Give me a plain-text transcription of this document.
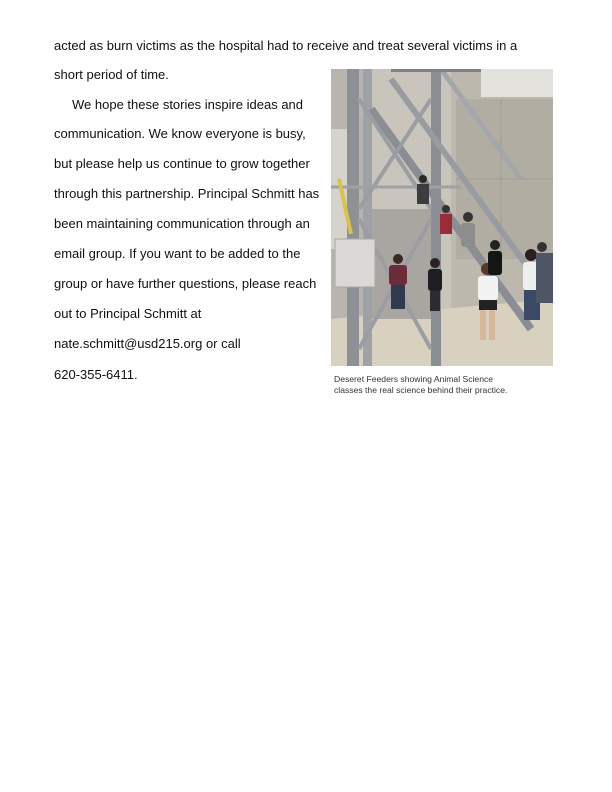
acted as burn victims as the hospital had to receive and treat several victims in a
short period of time.
We hope these stories inspire ideas and
communication. We know everyone is busy,
but please help us continue to grow together
through this partnership. Principal Schmitt has
been maintaining communication through an
email group. If you want to be added to the
group or have further questions, please reach
out to Principal Schmitt at
nate.schmitt@usd215.org or call
620-355-6411.	Deseret Feeders showing Animal Science
classes the real science behind their practice.
